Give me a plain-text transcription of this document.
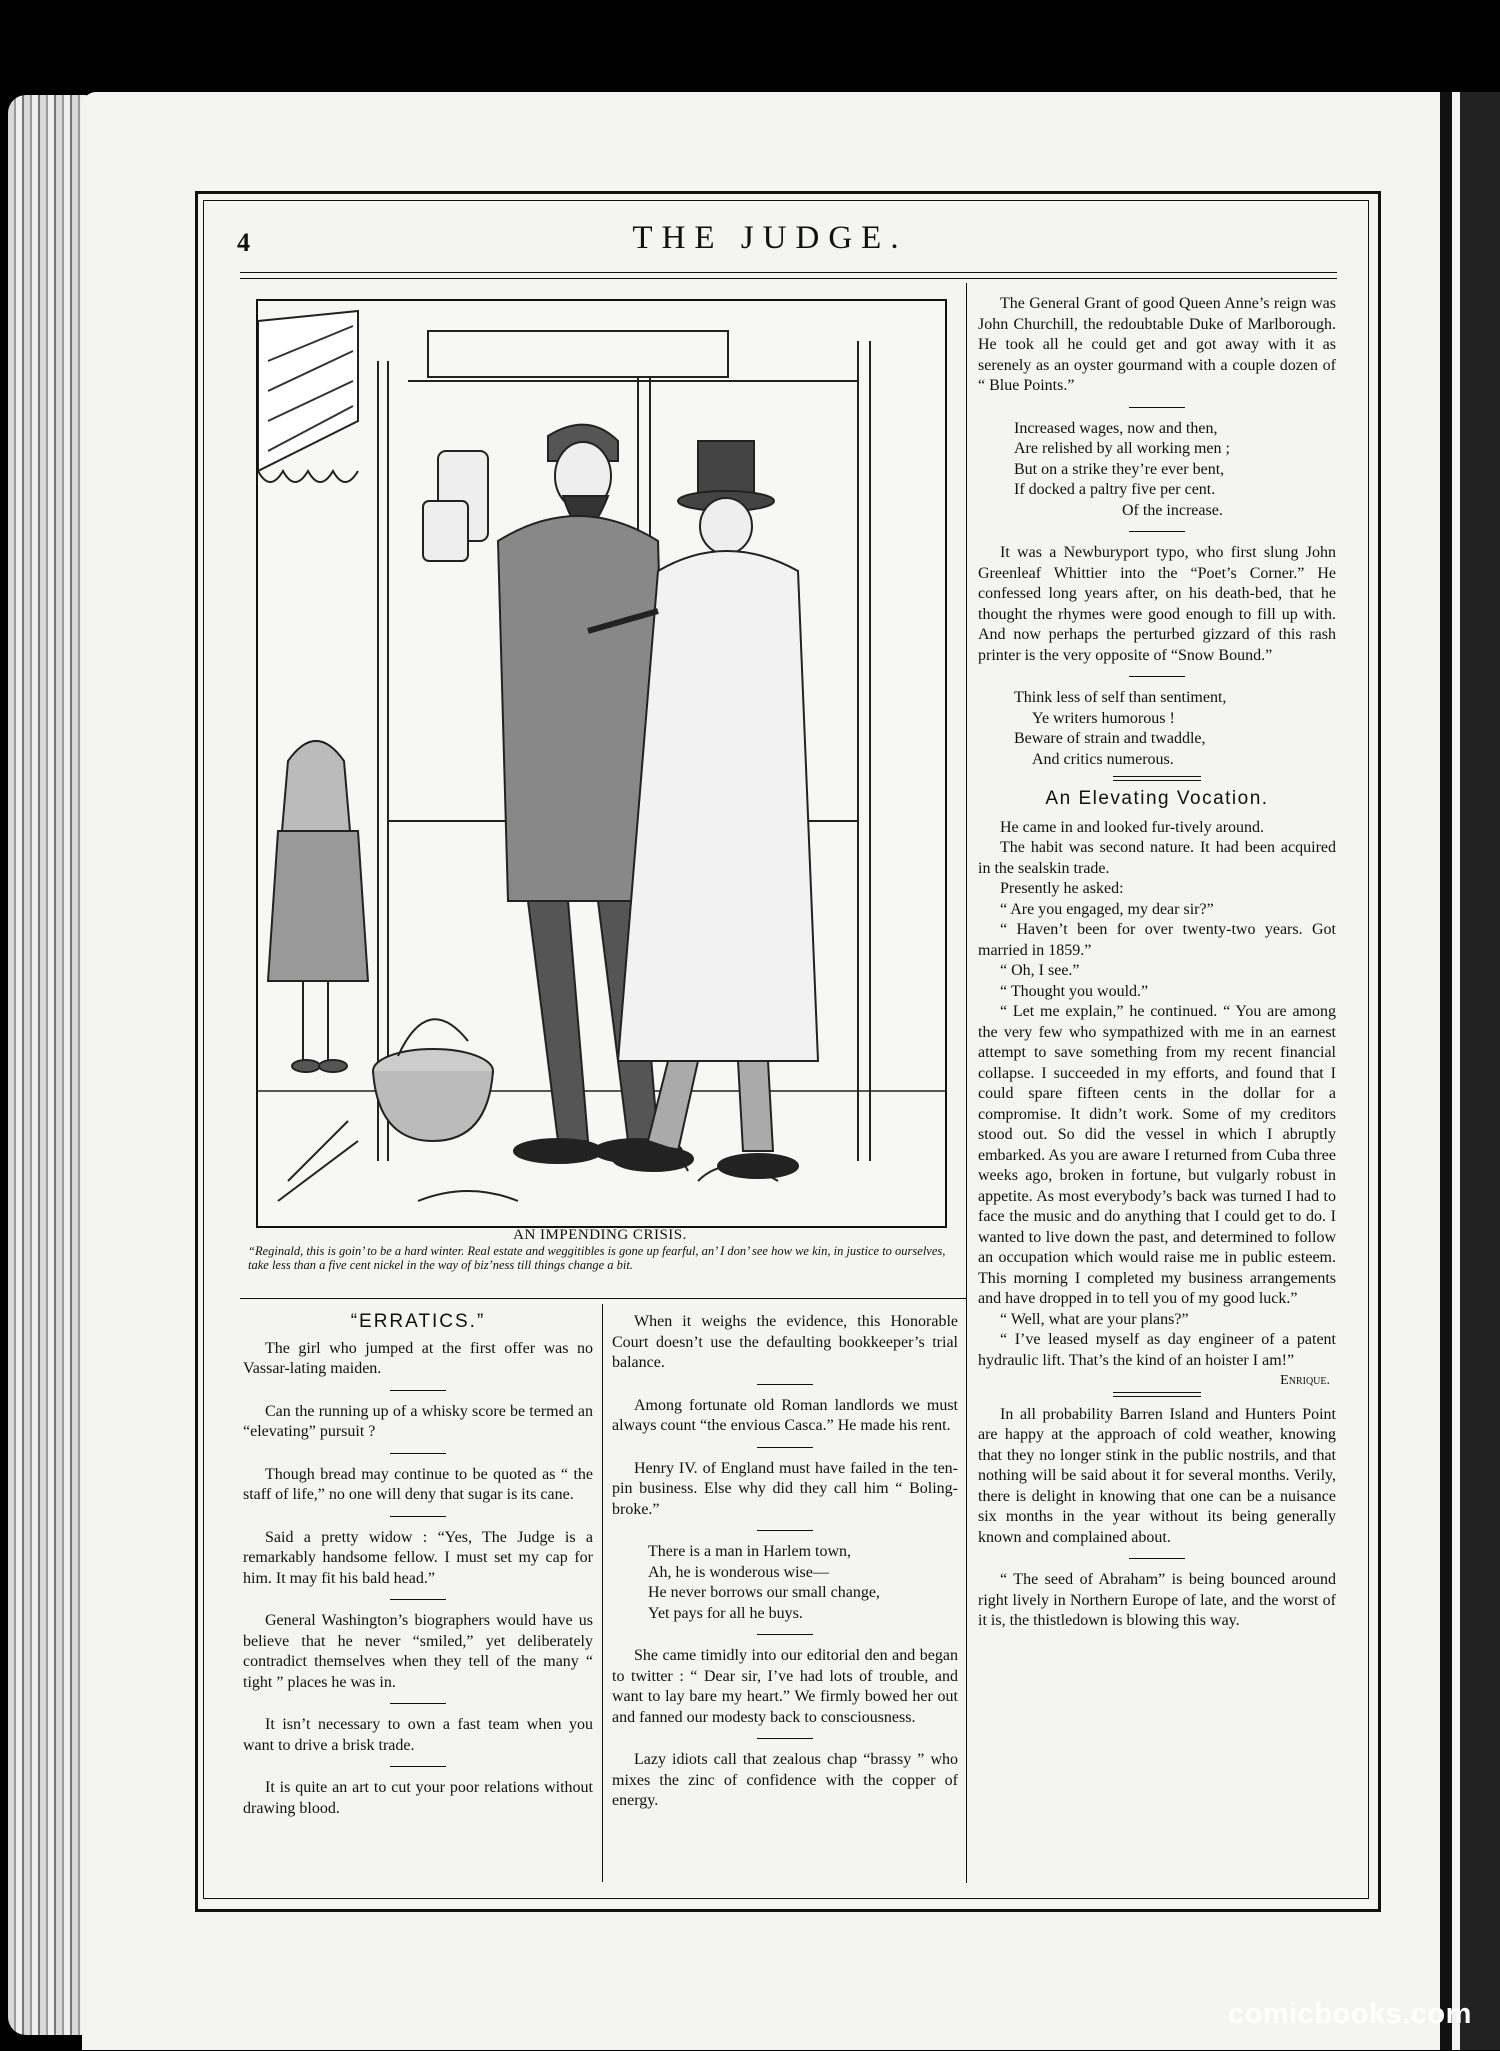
4	THE JUDGE.
AN IMPENDING CRISIS.
“Reginald, this is goin’ to be a hard winter. Real estate and weggitibles is gone up fearful, an’ I don’ see how we kin, in justice to ourselves, take less than a five cent nickel in the way of biz’ness till things change a bit.

The General Grant of good Queen Anne’s reign was John Churchill, the redoubtable Duke of Marlborough. He took all he could get and got away with it as serenely as an oyster gourmand with a couple dozen of “ Blue Points.”

Increased wages, now and then,
Are relished by all working men ;
But on a strike they’re ever bent,
If docked a paltry five per cent.
Of the increase.

It was a Newburyport typo, who first slung John Greenleaf Whittier into the “Poet’s Corner.” He confessed long years after, on his death-bed, that he thought the rhymes were good enough to fill up with. And now perhaps the perturbed gizzard of this rash printer is the very opposite of “Snow Bound.”

Think less of self than sentiment,
Ye writers humorous !
Beware of strain and twaddle,
And critics numerous.
An Elevating Vocation.

He came in and looked fur-tively around.

The habit was second nature. It had been acquired in the sealskin trade.

Presently he asked:

“ Are you engaged, my dear sir?”

“ Haven’t been for over twenty-two years. Got married in 1859.”

“ Oh, I see.”

“ Thought you would.”

“ Let me explain,” he continued. “ You are among the very few who sympathized with me in an earnest attempt to save something from my recent financial collapse. I succeeded in my efforts, and found that I could spare fifteen cents in the dollar for a compromise. It didn’t work. Some of my creditors stood out. So did the vessel in which I abruptly embarked. As you are aware I returned from Cuba three weeks ago, broken in fortune, but vulgarly robust in appetite. As most everybody’s back was turned I had to face the music and do anything that I could get to do. I wanted to live down the past, and determined to follow an occupation which would raise me in public esteem. This morning I completed my business arrangements and have dropped in to tell you of my good luck.”

“ Well, what are your plans?”

“ I’ve leased myself as day engineer of a patent hydraulic lift. That’s the kind of an hoister I am!”
Enrique.

In all probability Barren Island and Hunters Point are happy at the approach of cold weather, knowing that they no longer stink in the public nostrils, and that nothing will be said about it for several months. Verily, there is delight in knowing that one can be a nuisance six months in the year without its being generally known and complained about.

“ The seed of Abraham” is being bounced around right lively in Northern Europe of late, and the worst of it is, the thistledown is blowing this way.

“ERRATICS.”

The girl who jumped at the first offer was no Vassar-lating maiden.

Can the running up of a whisky score be termed an “elevating” pursuit ?

Though bread may continue to be quoted as “ the staff of life,” no one will deny that sugar is its cane.

Said a pretty widow : “Yes, The Judge is a remarkably handsome fellow. I must set my cap for him. It may fit his bald head.”

General Washington’s biographers would have us believe that he never “smiled,” yet deliberately contradict themselves when they tell of the many “ tight ” places he was in.

It isn’t necessary to own a fast team when you want to drive a brisk trade.

It is quite an art to cut your poor relations without drawing blood.

When it weighs the evidence, this Honorable Court doesn’t use the defaulting bookkeeper’s trial balance.

Among fortunate old Roman landlords we must always count “the envious Casca.” He made his rent.

Henry IV. of England must have failed in the ten-pin business. Else why did they call him “ Boling-broke.”

There is a man in Harlem town,
Ah, he is wonderous wise—
He never borrows our small change,
Yet pays for all he buys.

She came timidly into our editorial den and began to twitter : “ Dear sir, I’ve had lots of trouble, and want to lay bare my heart.” We firmly bowed her out and fanned our modesty back to consciousness.

Lazy idiots call that zealous chap “brassy ” who mixes the zinc of confidence with the copper of energy.

comicbooks.com
